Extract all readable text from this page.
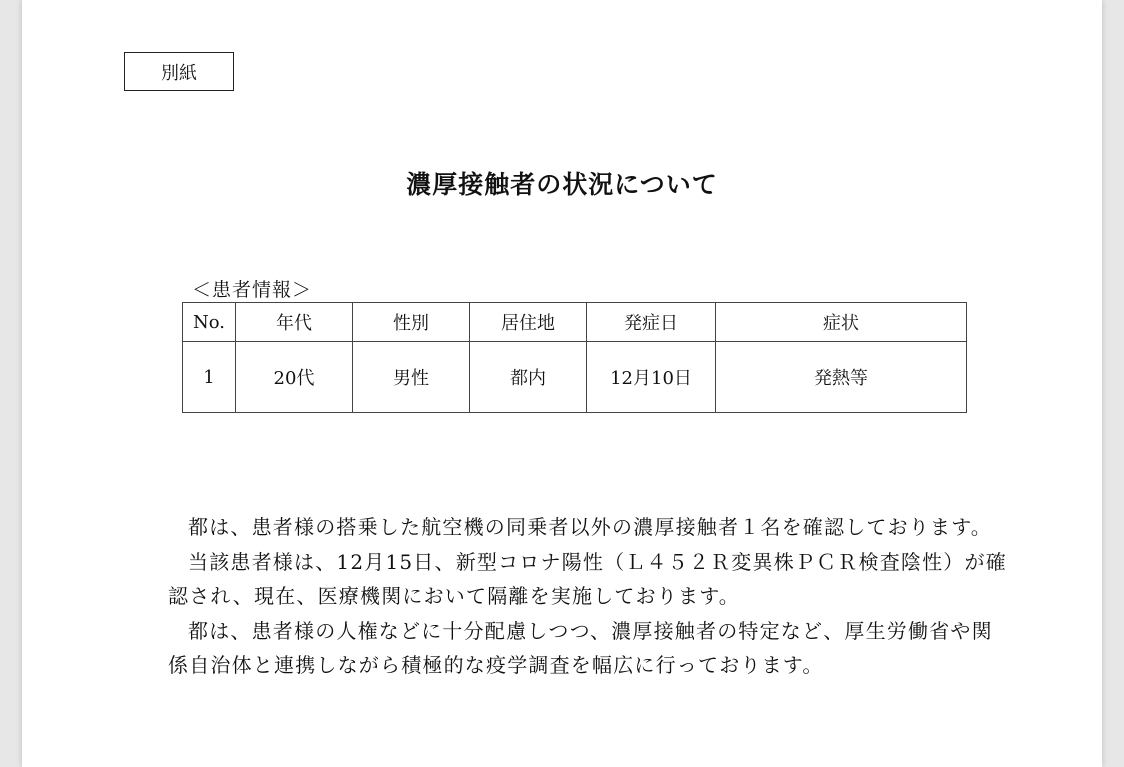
別紙
濃厚接触者の状況について
＜患者情報＞
No.	年代	性別	居住地	発症日	症状
1	20代	男性	都内	12月10日	発熱等

都は、患者様の搭乗した航空機の同乗者以外の濃厚接触者１名を確認しております。

当該患者様は、12月15日、新型コロナ陽性（Ｌ４５２Ｒ変異株ＰＣＲ検査陰性）が確認され、現在、医療機関において隔離を実施しております。

都は、患者様の人権などに十分配慮しつつ、濃厚接触者の特定など、厚生労働省や関係自治体と連携しながら積極的な疫学調査を幅広に行っております。
